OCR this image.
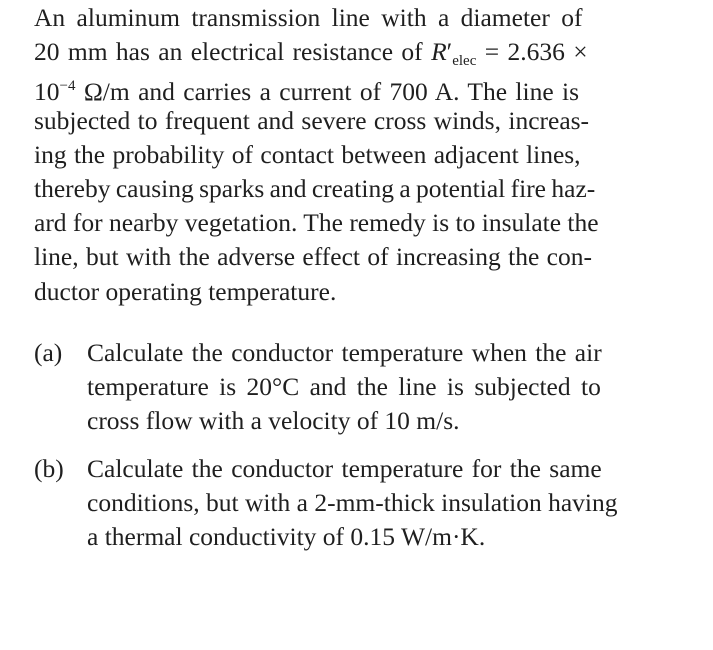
An aluminum transmission line with a diameter of
20 mm has an electrical resistance of $R'_{elec} = 2.636$ ×
$10^{-4}$ Ω/m and carries a current of 700 A. The line is
subjected to frequent and severe cross winds, increas-
ing the probability of contact between adjacent lines,
thereby causing sparks and creating a potential fire haz-
ard for nearby vegetation. The remedy is to insulate the
line, but with the adverse effect of increasing the con-
ductor operating temperature.
(a) Calculate the conductor temperature when the air
temperature is 20°C and the line is subjected to
cross flow with a velocity of 10 m/s.
(b) Calculate the conductor temperature for the same
conditions, but with a 2-mm-thick insulation having
a thermal conductivity of 0.15 W/m·K.
